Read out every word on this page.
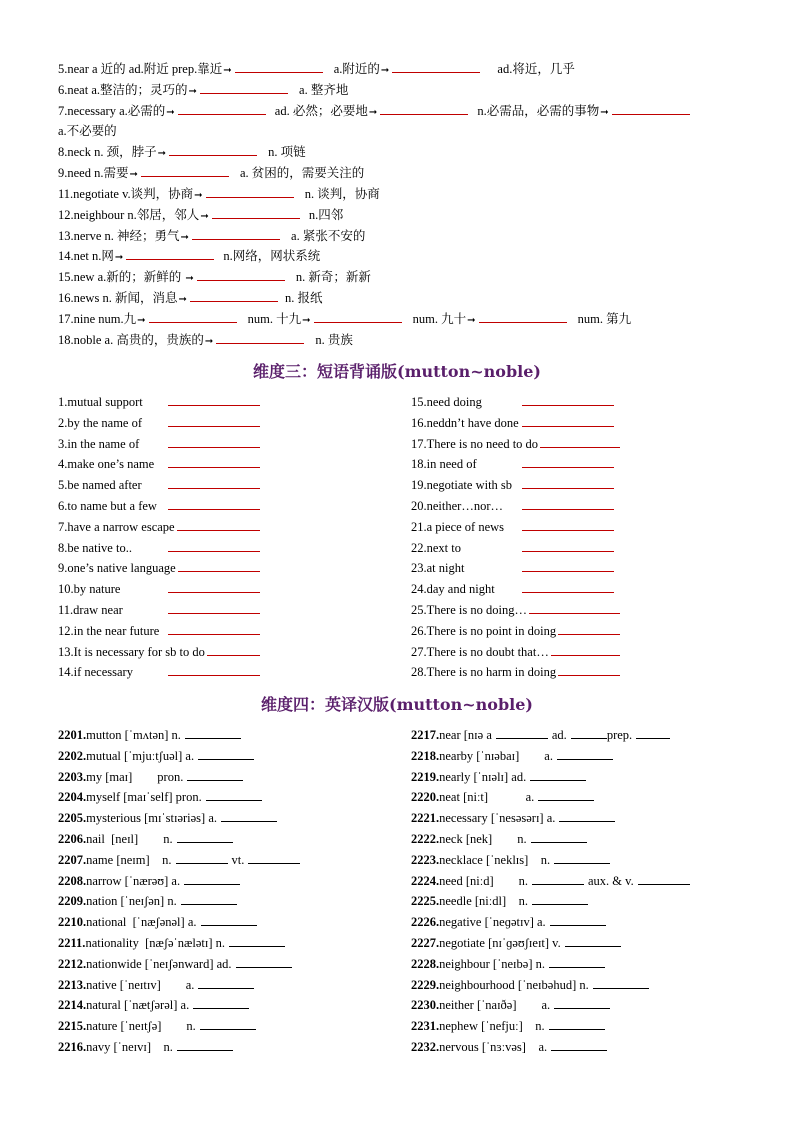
5.near a 近的 ad.附近 prep.靠近➞	a.附近的➞	ad.将近，几乎
6.neat a.整洁的；灵巧的➞	a. 整齐地
7.necessary a.必需的➞	ad. 必然；必要地➞	n.必需品，必需的事物➞
a.不必要的
8.neck n. 颈，脖子➞	n. 项链
9.need n.需要➞	a. 贫困的，需要关注的
11.negotiate v.谈判，协商➞	n. 谈判，协商
12.neighbour n.邻居，邻人➞	n.四邻
13.nerve n. 神经；勇气➞	a. 紧张不安的
14.net n.网➞	n.网络，网状系统
15.new a.新的；新鲜的 ➞	n. 新奇；新新
16.news n. 新闻，消息➞	n. 报纸
17.nine num.九➞	num. 十九➞	num. 九十➞	num. 第九
18.noble a. 高贵的，贵族的➞	n. 贵族
维度三：短语背诵版(mutton~noble)
1.mutual support
2.by the name of
3.in the name of
4.make one’s name
5.be named after
6.to name but a few
7.have a narrow escape
8.be native to..
9.one’s native language
10.by nature
11.draw near
12.in the near future
13.It is necessary for sb to do
14.if necessary
15.need doing
16.neddn’t have done
17.There is no need to do
18.in need of
19.negotiate with sb
20.neither…nor…
21.a piece of news
22.next to
23.at night
24.day and night
25.There is no doing…
26.There is no point in doing
27.There is no doubt that…
28.There is no harm in doing
维度四：英译汉版(mutton~noble)
2201.mutton [ˈmʌtən] n.
2202.mutual [ˈmjuːtʃuəl] a.
2203.my [maɪ]        pron.
2204.myself [maɪˈself] pron.
2205.mysterious [mɪˈstɪəriəs] a.
2206.nail  [neɪl]        n.
2207.name [neɪm]    n.	vt.
2208.narrow [ˈnærəʊ] a.
2209.nation [ˈneɪʃən] n.
2210.national  [ˈnæʃənəl] a.
2211.nationality  [næʃəˈnælətɪ] n.
2212.nationwide [ˈneɪʃənward] ad.
2213.native [ˈneɪtɪv]        a.
2214.natural [ˈnætʃərəl] a.
2215.nature [ˈneɪtʃə]        n.
2216.navy [ˈneɪvɪ]    n.
2217.near [nɪə a	ad.	prep.
2218.nearby [ˈnɪəbaɪ]        a.
2219.nearly [ˈnɪəlɪ] ad.
2220.neat [niːt]            a.
2221.necessary [ˈnesəsərɪ] a.
2222.neck [nek]        n.
2223.necklace [ˈneklɪs]    n.
2224.need [niːd]        n.	aux. & v.
2225.needle [niːdl]    n.
2226.negative [ˈneɡətɪv] a.
2227.negotiate [nɪˈɡəʊʃɪeɪt] v.
2228.neighbour [ˈneɪbə] n.
2229.neighbourhood [ˈneɪbəhud] n.
2230.neither [ˈnaɪðə]        a.
2231.nephew [ˈnefjuː]    n.
2232.nervous [ˈnɜːvəs]    a.
